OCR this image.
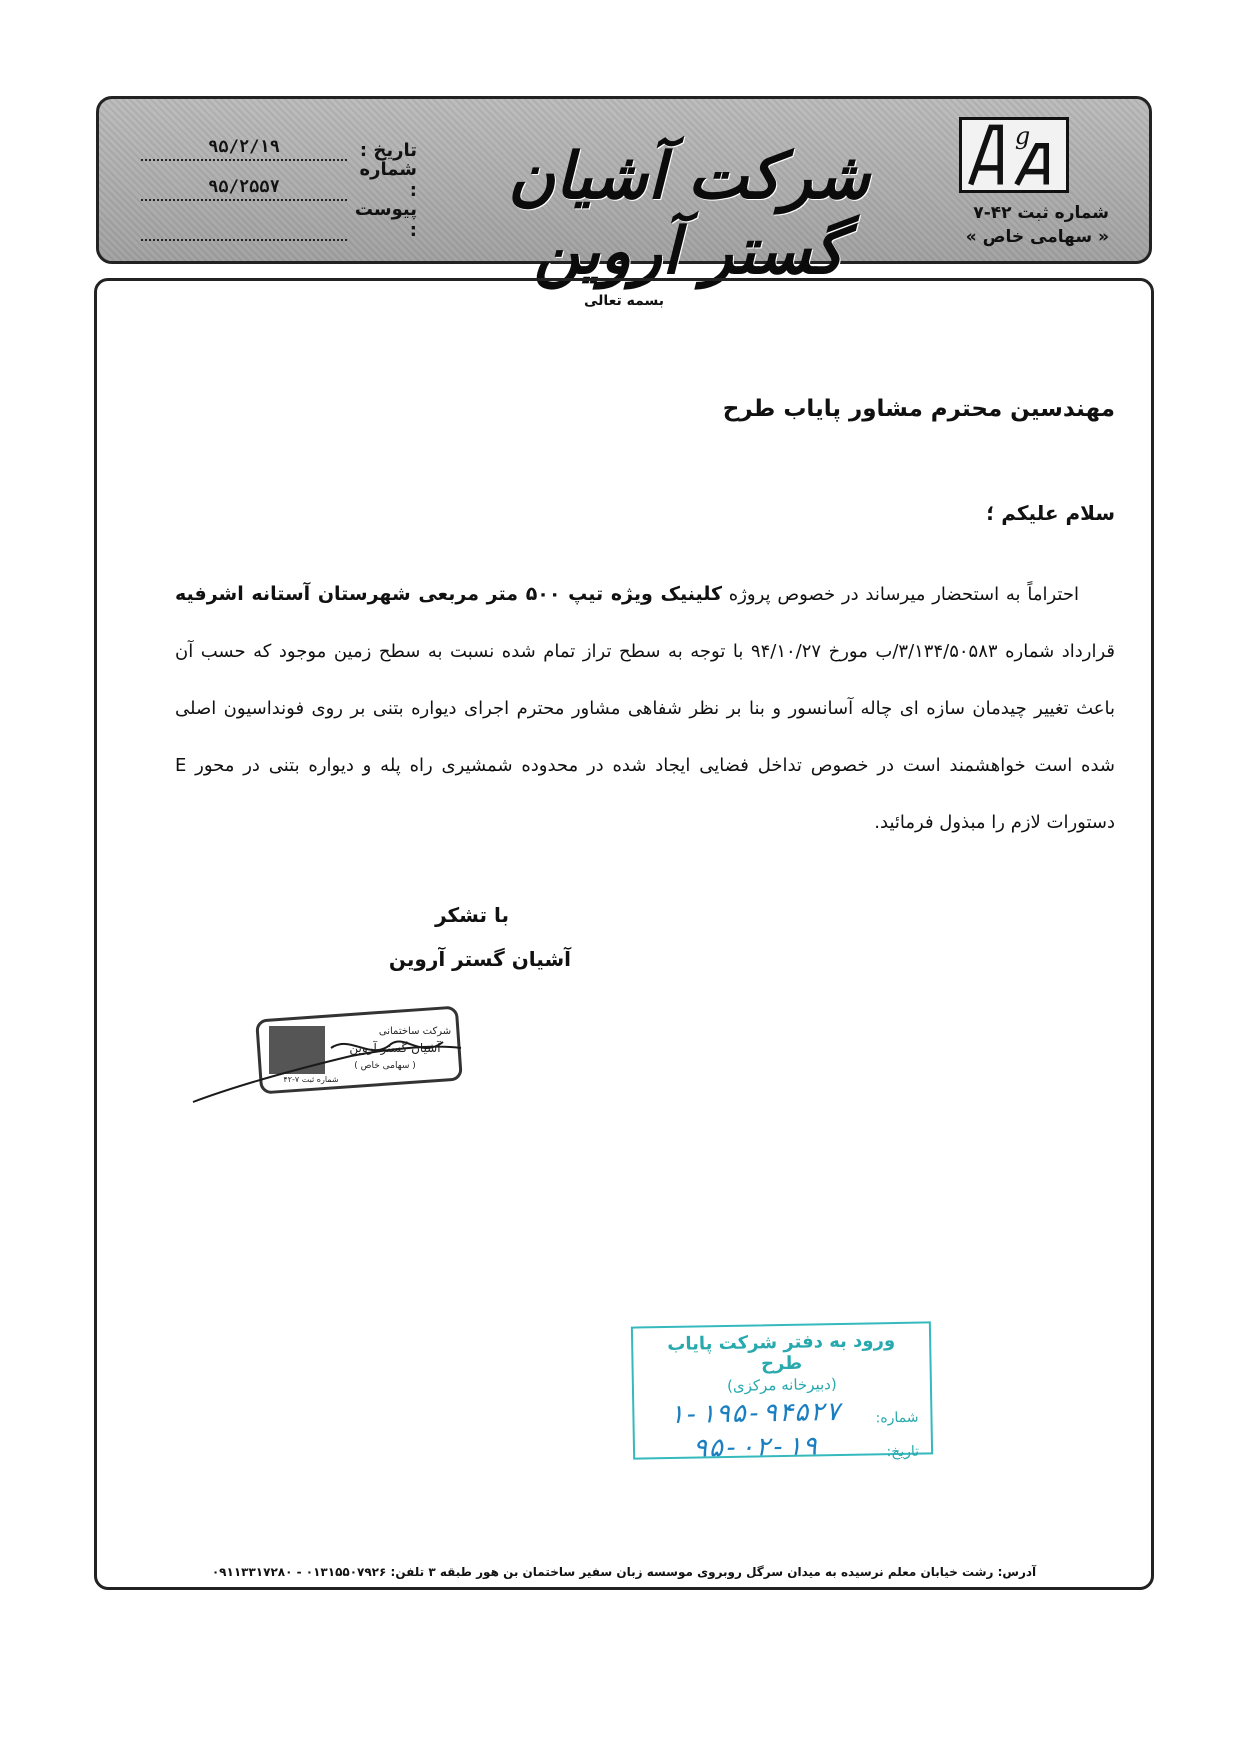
g
شماره ثبت ۴۲-۷
« سهامی خاص »
شرکت آشیان گستر آروین
تاریخ :
۹۵/۲/۱۹
شماره :
۹۵/۲۵۵۷
پیوست :
بسمه تعالی
مهندسین محترم مشاور پایاب طرح
سلام علیکم ؛

احتراماً به استحضار میرساند در خصوص پروژه کلینیک ویژه تیپ ۵۰۰ متر مربعی شهرستان آستانه اشرفیه قرارداد شماره ۳/۱۳۴/۵۰۵۸۳/ب مورخ ۹۴/۱۰/۲۷ با توجه به سطح تراز تمام شده نسبت به سطح زمین موجود که حسب آن باعث تغییر چیدمان سازه ای چاله آسانسور و بنا بر نظر شفاهی مشاور محترم اجرای دیواره بتنی بر روی فونداسیون اصلی شده است خواهشمند است در خصوص تداخل فضایی ایجاد شده در محدوده شمشیری راه پله و دیواره بتنی در محور E دستورات لازم را مبذول فرمائید.

با تشکر
آشیان گستر آروین
شرکت ساختمانی
آشیان گستر آروین
( سهامی خاص )
شماره ثبت ۷-۴۲
آدرس: رشت خیابان معلم نرسیده به میدان سرگل روبروی موسسه زبان سفیر ساختمان بن هور طبقه ۳ تلفن: ۰۱۳۱۵۵۰۷۹۲۶ - ۰۹۱۱۳۳۱۷۲۸۰
ورود به دفتر شرکت پایاب طرح
(دبیرخانه مرکزی)
شماره:
۱-۱۹۵-۹۴۵۲۷
تاریخ:
۹۵-۰۲-۱۹
